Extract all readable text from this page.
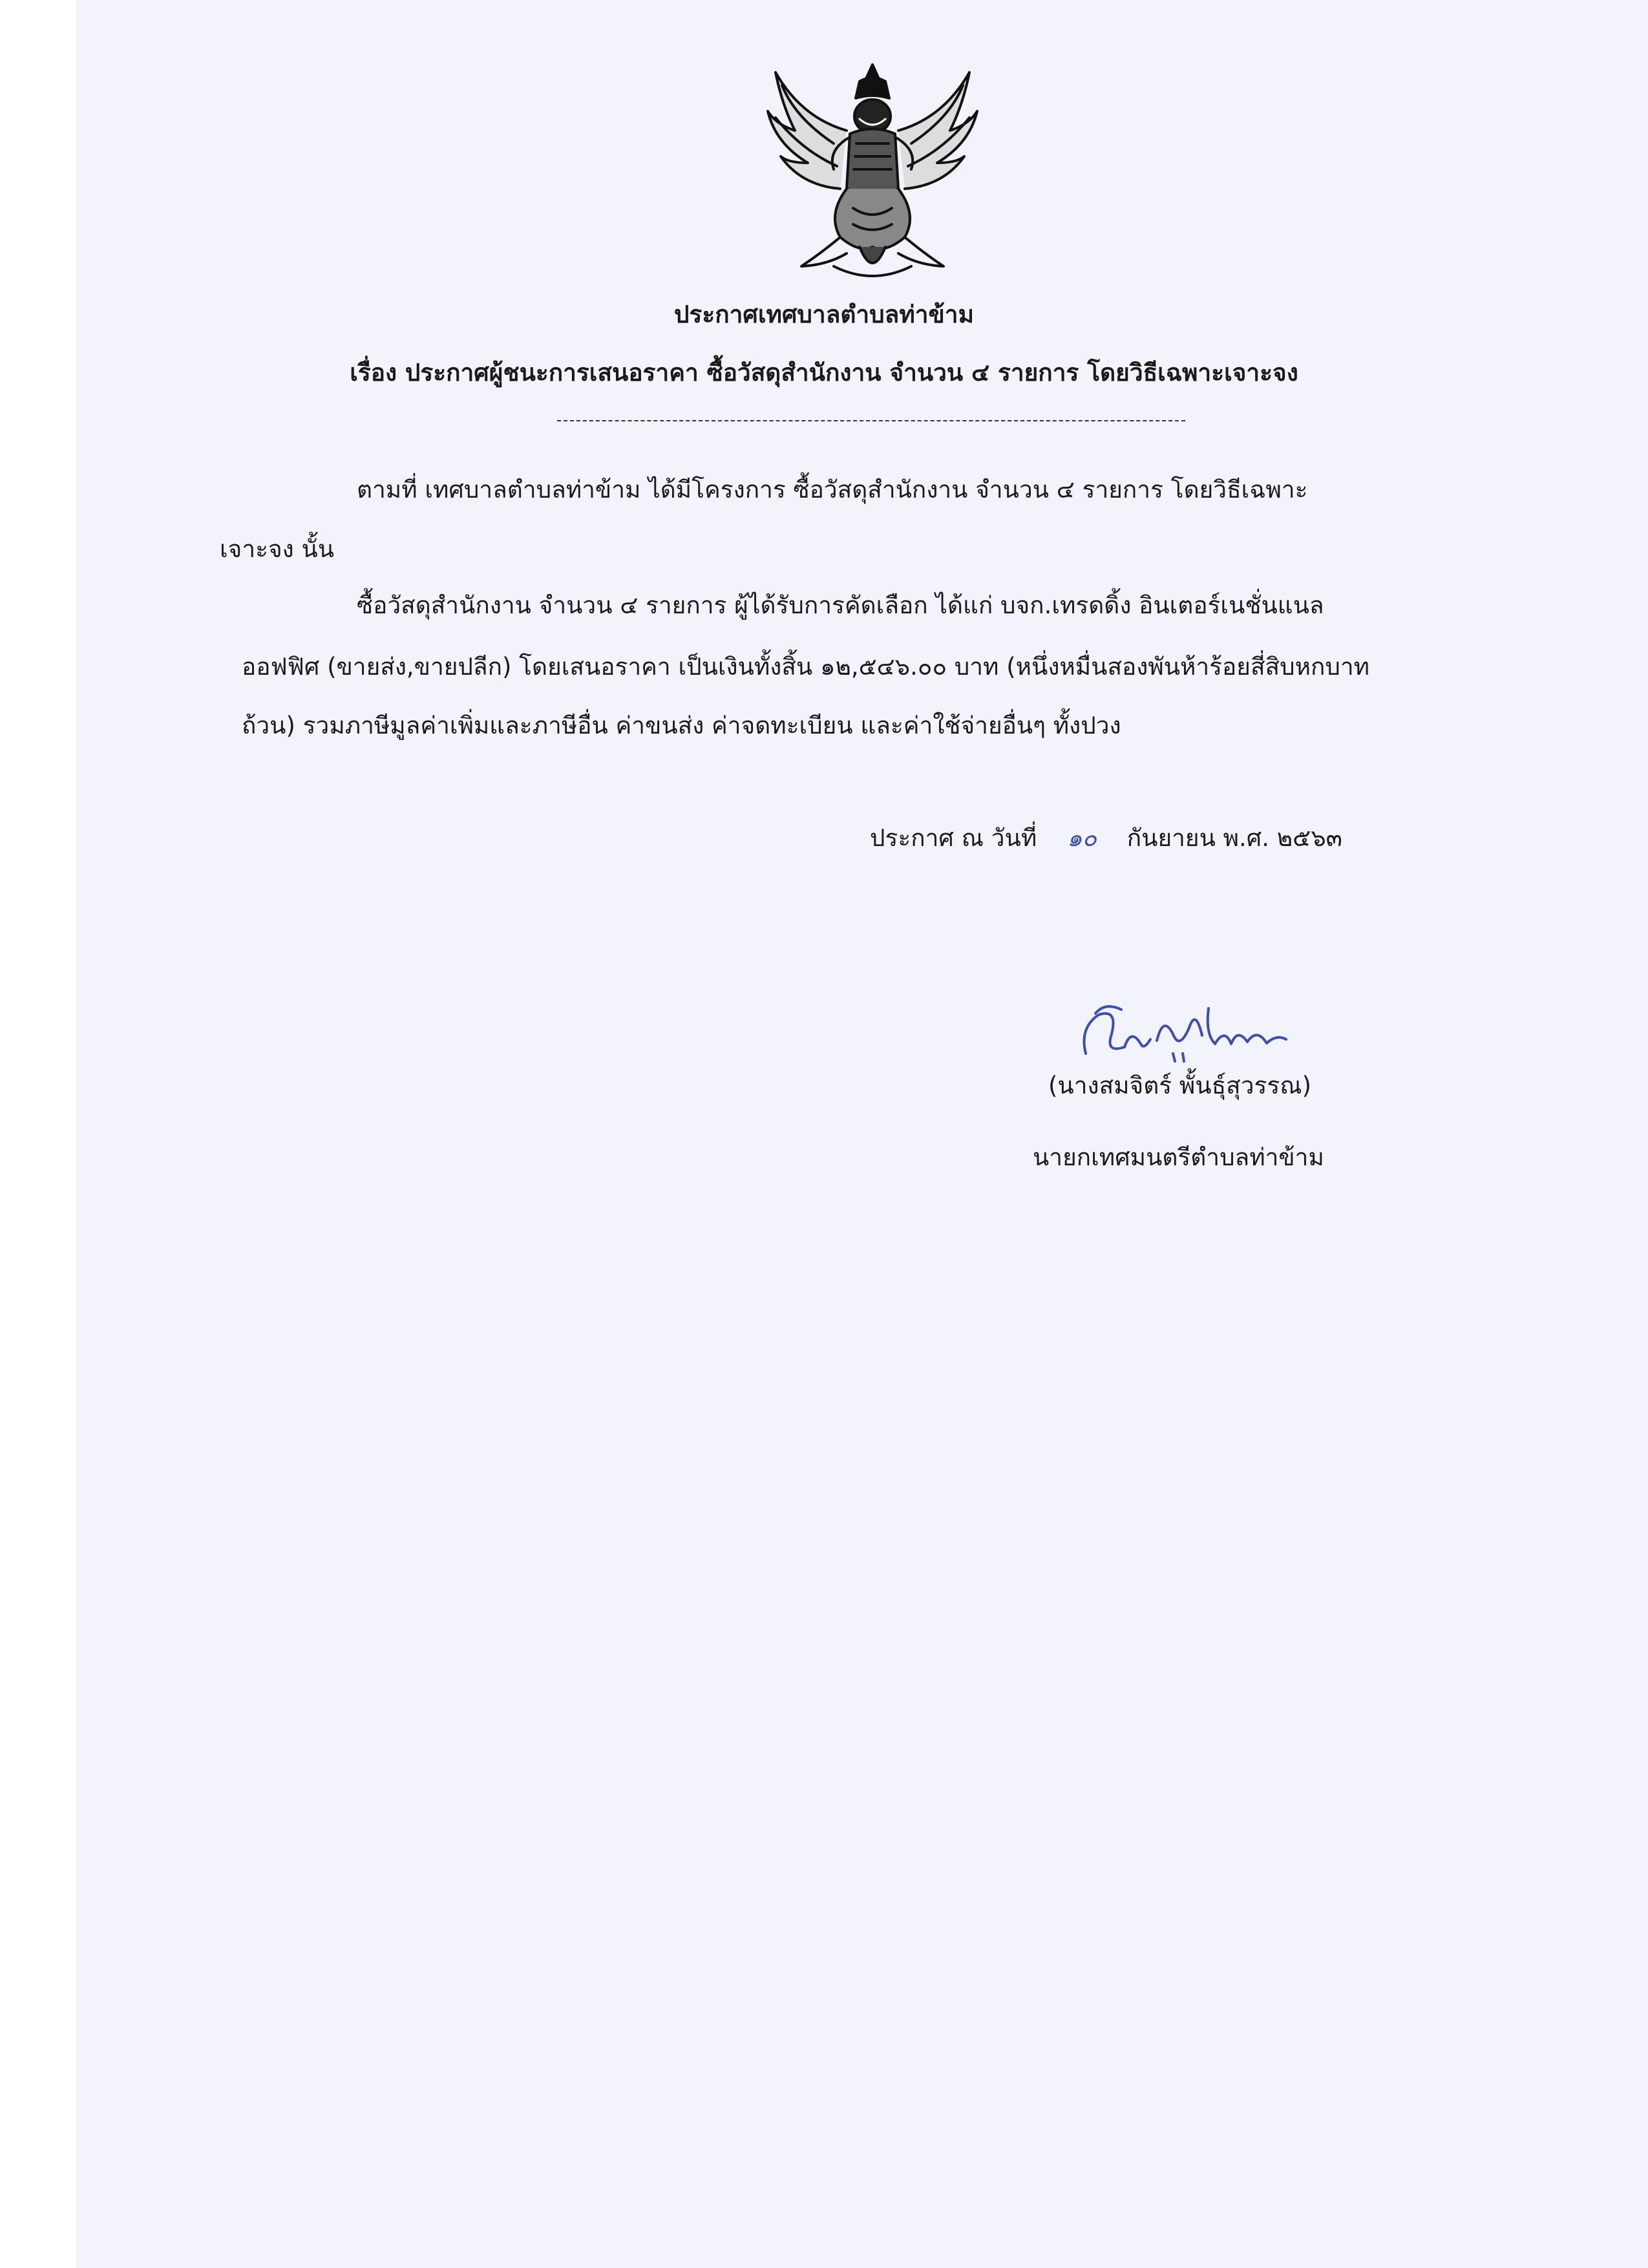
ประกาศเทศบาลตำบลท่าข้าม
เรื่อง ประกาศผู้ชนะการเสนอราคา ซื้อวัสดุสำนักงาน จำนวน ๔ รายการ โดยวิธีเฉพาะเจาะจง
ตามที่ เทศบาลตำบลท่าข้าม ได้มีโครงการ ซื้อวัสดุสำนักงาน จำนวน ๔ รายการ โดยวิธีเฉพาะ
เจาะจง นั้น
ซื้อวัสดุสำนักงาน จำนวน ๔ รายการ ผู้ได้รับการคัดเลือก ได้แก่ บจก.เทรดดิ้ง อินเตอร์เนชั่นแนล
ออฟฟิศ (ขายส่ง,ขายปลีก) โดยเสนอราคา เป็นเงินทั้งสิ้น ๑๒,๕๔๖.๐๐ บาท (หนึ่งหมื่นสองพันห้าร้อยสี่สิบหกบาท
ถ้วน) รวมภาษีมูลค่าเพิ่มและภาษีอื่น ค่าขนส่ง ค่าจดทะเบียน และค่าใช้จ่ายอื่นๆ ทั้งปวง
ประกาศ ณ วันที่ ๑๐ กันยายน พ.ศ. ๒๕๖๓
(นางสมจิตร์ พั้นธุ์สุวรรณ)
นายกเทศมนตรีตำบลท่าข้าม
